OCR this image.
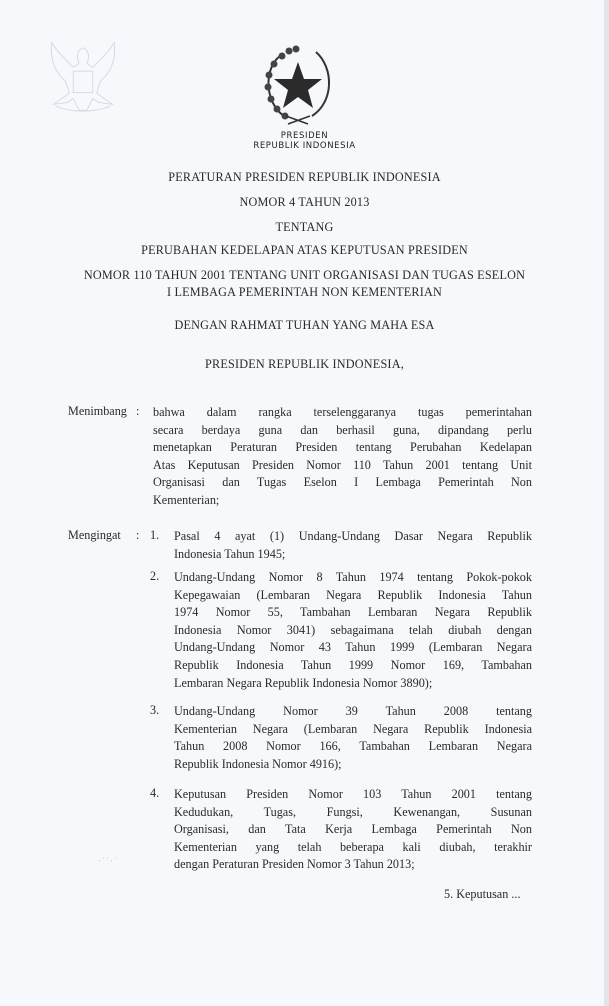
PRESIDEN
REPUBLIK INDONESIA
PERATURAN PRESIDEN REPUBLIK INDONESIA
NOMOR 4 TAHUN 2013
TENTANG
PERUBAHAN KEDELAPAN ATAS KEPUTUSAN PRESIDEN
NOMOR 110 TAHUN 2001 TENTANG UNIT ORGANISASI DAN TUGAS ESELON
I LEMBAGA PEMERINTAH NON KEMENTERIAN
DENGAN RAHMAT TUHAN YANG MAHA ESA
PRESIDEN REPUBLIK INDONESIA,
Menimbang : bahwa dalam rangka terselenggaranya tugas pemerintahan
secara berdaya guna dan berhasil guna, dipandang perlu
menetapkan Peraturan Presiden tentang Perubahan Kedelapan
Atas Keputusan Presiden Nomor 110 Tahun 2001 tentang Unit
Organisasi dan Tugas Eselon I Lembaga Pemerintah Non
Kementerian;
Mengingat : 1. Pasal 4 ayat (1) Undang-Undang Dasar Negara Republik
Indonesia Tahun 1945;
2. Undang-Undang Nomor 8 Tahun 1974 tentang Pokok-pokok
Kepegawaian (Lembaran Negara Republik Indonesia Tahun
1974 Nomor 55, Tambahan Lembaran Negara Republik
Indonesia Nomor 3041) sebagaimana telah diubah dengan
Undang-Undang Nomor 43 Tahun 1999 (Lembaran Negara
Republik Indonesia Tahun 1999 Nomor 169, Tambahan
Lembaran Negara Republik Indonesia Nomor 3890);
3. Undang-Undang Nomor 39 Tahun 2008 tentang
Kementerian Negara (Lembaran Negara Republik Indonesia
Tahun 2008 Nomor 166, Tambahan Lembaran Negara
Republik Indonesia Nomor 4916);
4. Keputusan Presiden Nomor 103 Tahun 2001 tentang
Kedudukan, Tugas, Fungsi, Kewenangan, Susunan
Organisasi, dan Tata Kerja Lembaga Pemerintah Non
Kementerian yang telah beberapa kali diubah, terakhir
dengan Peraturan Presiden Nomor 3 Tahun 2013;
·˙˙·˙
5. Keputusan ...
